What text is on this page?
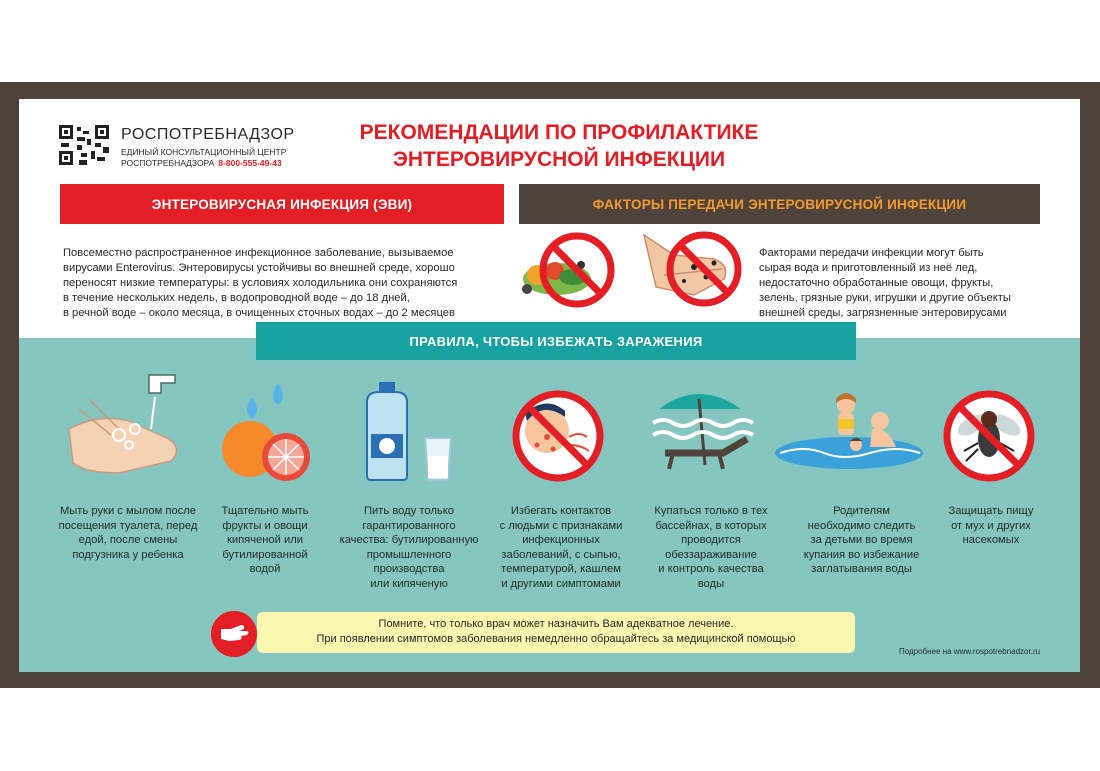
РОСПОТРЕБНАДЗОР
ЕДИНЫЙ КОНСУЛЬТАЦИОННЫЙ ЦЕНТР
РОСПОТРЕБНАДЗОРА 8-800-555-49-43
РЕКОМЕНДАЦИИ ПО ПРОФИЛАКТИКЕ
ЭНТЕРОВИРУСНОЙ ИНФЕКЦИИ
ЭНТЕРОВИРУСНАЯ ИНФЕКЦИЯ (ЭВИ)	ФАКТОРЫ ПЕРЕДАЧИ ЭНТЕРОВИРУСНОЙ ИНФЕКЦИИ
Повсеместно распространенное инфекционное заболевание, вызываемое
вирусами Enterovirus. Энтеровирусы устойчивы во внешней среде, хорошо
переносят низкие температуры: в условиях холодильника они сохраняются
в течение нескольких недель, в водопроводной воде – до 18 дней,
в речной воде – около месяца, в очищенных сточных водах – до 2 месяцев
Факторами передачи инфекции могут быть
сырая вода и приготовленный из неё лед,
недостаточно обработанные овощи, фрукты,
зелень, грязные руки, игрушки и другие объекты
внешней среды, загрязненные энтеровирусами
ПРАВИЛА, ЧТОБЫ ИЗБЕЖАТЬ ЗАРАЖЕНИЯ
Мыть руки с мылом после
посещения туалета, перед
едой, после смены
подгузника у ребенка
Тщательно мыть
фрукты и овощи
кипяченой или
бутилированной
водой
Пить воду только
гарантированного
качества: бутилированную
промышленного
производства
или кипяченую
Избегать контактов
с людьми с признаками
инфекционных
заболеваний, с сыпью,
температурой, кашлем
и другими симптомами
Купаться только в тех
бассейнах, в которых
проводится
обеззараживание
и контроль качества
воды
Родителям
необходимо следить
за детьми во время
купания во избежание
заглатывания воды
Защищать пищу
от мух и других
насекомых
Помните, что только врач может назначить Вам адекватное лечение.
При появлении симптомов заболевания немедленно обращайтесь за медицинской помощью
Подробнее на www.rospotrebnadzor.ru
